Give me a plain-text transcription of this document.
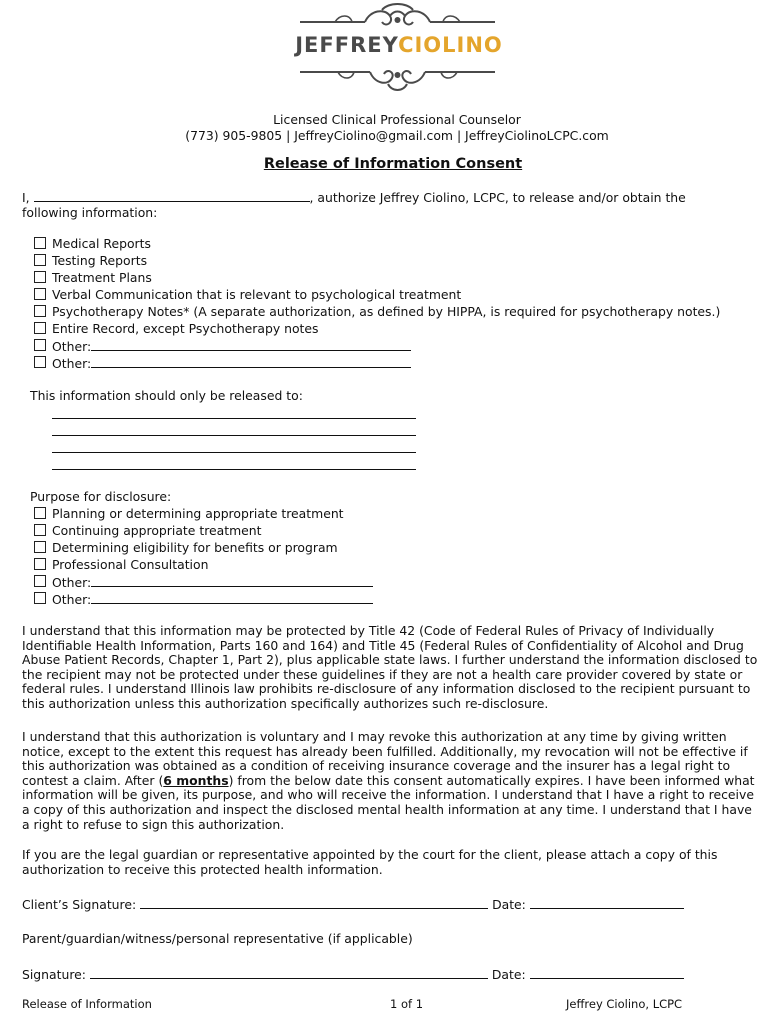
JEFFREYCIOLINO
Licensed Clinical Professional Counselor
(773) 905-9805 | JeffreyCiolino@gmail.com | JeffreyCiolinoLCPC.com
Release of Information Consent
I,	, authorize Jeffrey Ciolino, LCPC, to release and/or obtain the
following information:
Medical Reports
Testing Reports
Treatment Plans
Verbal Communication that is relevant to psychological treatment
Psychotherapy Notes* (A separate authorization, as defined by HIPPA, is required for psychotherapy notes.)
Entire Record, except Psychotherapy notes
Other:
Other:
This information should only be released to:
Purpose for disclosure:
Planning or determining appropriate treatment
Continuing appropriate treatment
Determining eligibility for benefits or program
Professional Consultation
Other:
Other:

I understand that this information may be protected by Title 42 (Code of Federal Rules of Privacy of Individually Identifiable Health Information, Parts 160 and 164) and Title 45 (Federal Rules of Confidentiality of Alcohol and Drug Abuse Patient Records, Chapter 1, Part 2), plus applicable state laws. I further understand the information disclosed to the recipient may not be protected under these guidelines if they are not a health care provider covered by state or federal rules. I understand Illinois law prohibits re-disclosure of any information disclosed to the recipient pursuant to this authorization unless this authorization specifically authorizes such re-disclosure.

I understand that this authorization is voluntary and I may revoke this authorization at any time by giving written notice, except to the extent this request has already been fulfilled. Additionally, my revocation will not be effective if this authorization was obtained as a condition of receiving insurance coverage and the insurer has a legal right to contest a claim. After (6 months) from the below date this consent automatically expires. I have been informed what information will be given, its purpose, and who will receive the information. I understand that I have a right to receive a copy of this authorization and inspect the disclosed mental health information at any time. I understand that I have a right to refuse to sign this authorization.

If you are the legal guardian or representative appointed by the court for the client, please attach a copy of this authorization to receive this protected health information.

Client’s Signature:	Date:
Parent/guardian/witness/personal representative (if applicable)
Signature:	Date:
Release of Information	1 of 1	Jeffrey Ciolino, LCPC
